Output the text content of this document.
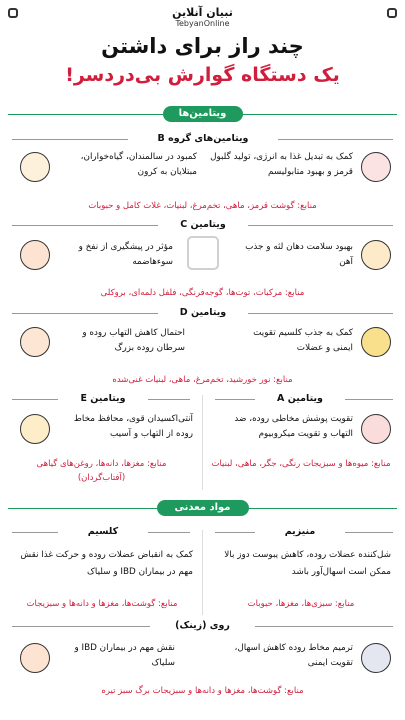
تبیان آنلاین
TebyanOnline
چند راز برای داشتن
یک دستگاه گوارش بی‌دردسر!
ویتامین‌ها
ویتامین‌های گروه B
کمک به تبدیل غذا به انرژی، تولید گلبول قرمز و بهبود متابولیسم
کمبود در سالمندان، گیاه‌خواران، مبتلایان به کرون
منابع: گوشت قرمز، ماهی، تخم‌مرغ، لبنیات، غلات کامل و حبوبات
ویتامین C
بهبود سلامت دهان لثه و جذب آهن
مؤثر در پیشگیری از نفخ و سوءهاضمه
منابع: مرکبات، توت‌ها، گوجه‌فرنگی، فلفل دلمه‌ای، بروکلی
ویتامین D
کمک به جذب کلسیم تقویت ایمنی و عضلات
احتمال کاهش التهاب روده و سرطان روده بزرگ
منابع: نور خورشید، تخم‌مرغ، ماهی، لبنیات غنی‌شده
ویتامین A
ویتامین E
تقویت پوشش مخاطی روده، ضد التهاب و تقویت میکروبیوم
منابع: میوه‌ها و سبزیجات رنگی، جگر، ماهی، لبنیات
آنتی‌اکسیدان قوی، محافظ مخاط روده از التهاب و آسیب
منابع: مغزها، دانه‌ها، روغن‌های گیاهی (آفتاب‌گردان)
مواد معدنی
منیزیم
کلسیم
شل‌کننده عضلات روده، کاهش یبوست دوز بالا ممکن است اسهال‌آور باشد
منابع: سبزی‌ها، مغزها، حبوبات
کمک به انقباض عضلات روده و حرکت غذا نقش مهم در بیماران IBD و سلیاک
منابع: گوشت‌ها، مغزها و دانه‌ها و سبزیجات
روی (زینک)
ترمیم مخاط روده کاهش اسهال، تقویت ایمنی
نقش مهم در بیماران IBD و سلیاک
منابع: گوشت‌ها، مغزها و دانه‌ها و سبزیجات برگ سبز تیره
